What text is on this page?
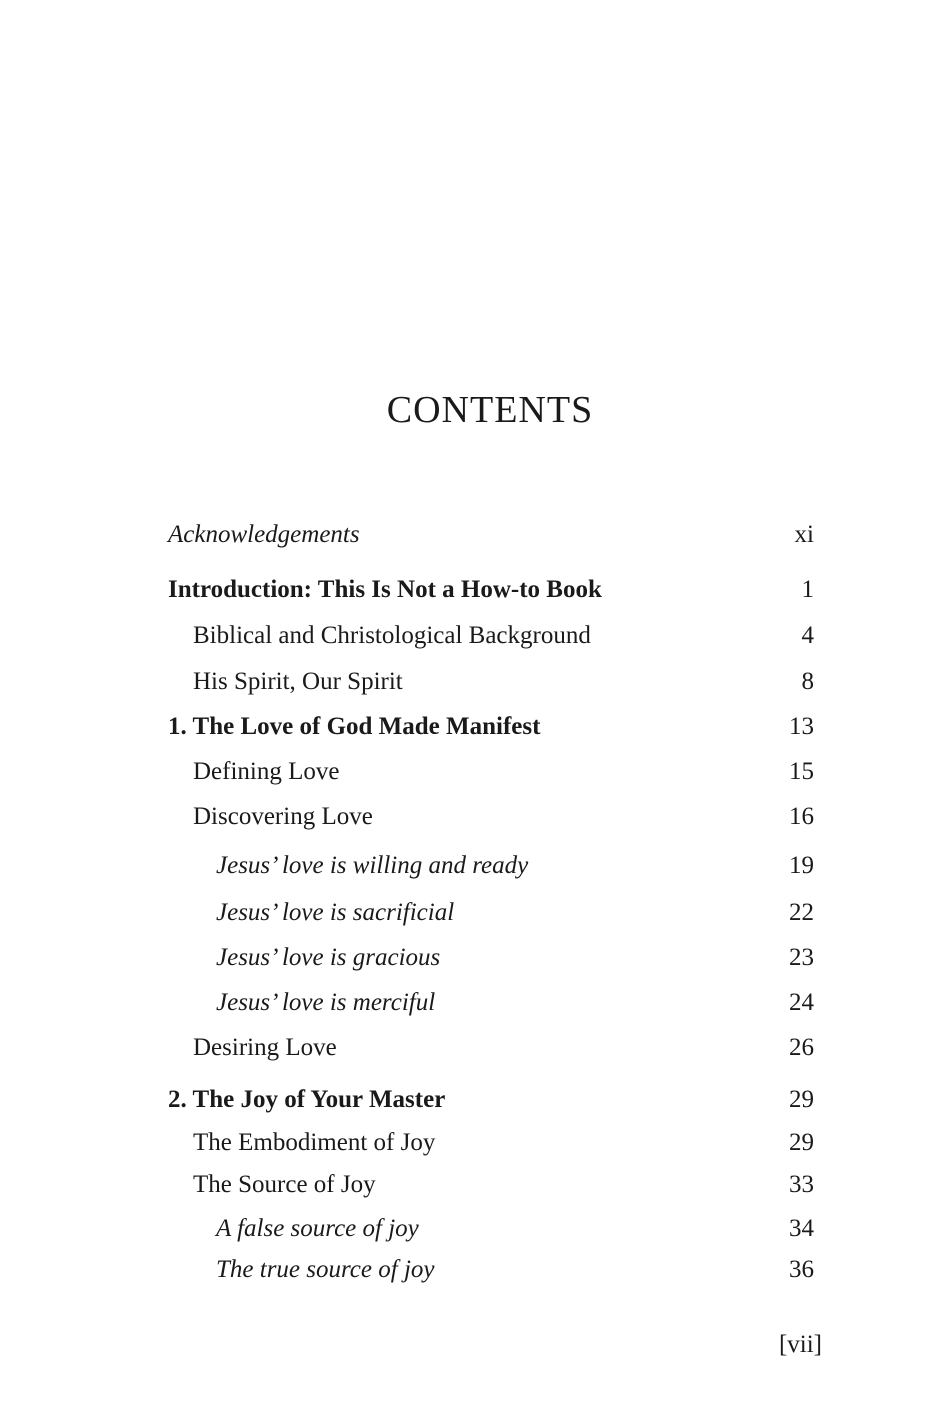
CONTENTS
Acknowledgements	xi
Introduction: This Is Not a How-to Book	1
Biblical and Christological Background	4
His Spirit, Our Spirit	8
1. The Love of God Made Manifest	13
Defining Love	15
Discovering Love	16
Jesus’ love is willing and ready	19
Jesus’ love is sacrificial	22
Jesus’ love is gracious	23
Jesus’ love is merciful	24
Desiring Love	26
2. The Joy of Your Master	29
The Embodiment of Joy	29
The Source of Joy	33
A false source of joy	34
The true source of joy	36
[vii]
